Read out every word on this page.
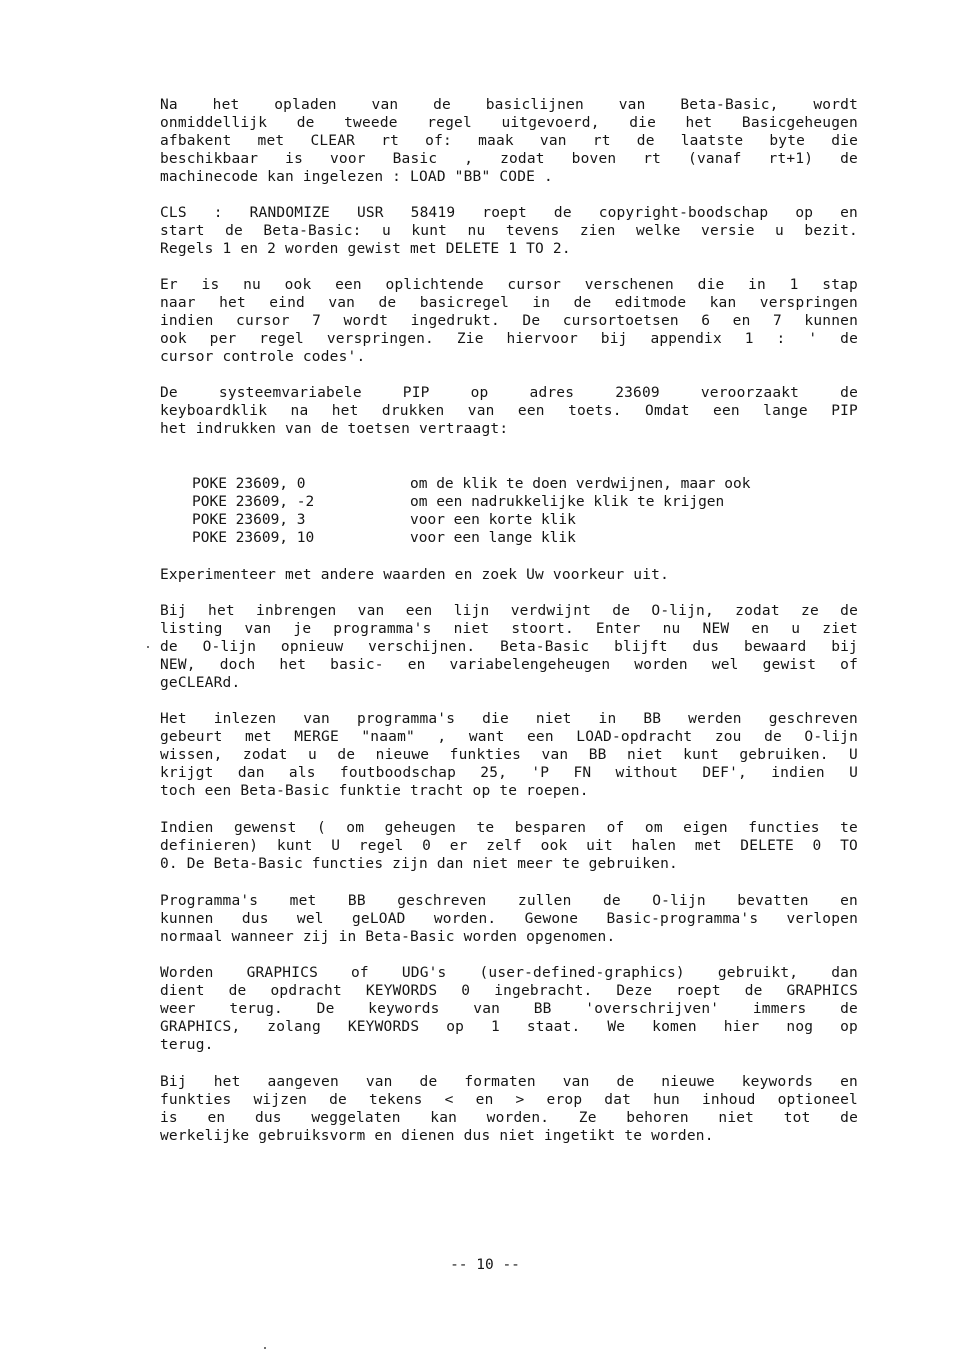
Na het opladen van de basiclijnen van Beta-Basic, wordt
onmiddellijk de tweede regel uitgevoerd, die het Basicgeheugen
afbakent met CLEAR rt of: maak van rt de laatste byte die
beschikbaar is voor Basic , zodat boven rt (vanaf rt+1) de
machinecode kan ingelezen : LOAD "BB" CODE .
CLS : RANDOMIZE USR 58419 roept de copyright-boodschap op en
start de Beta-Basic: u kunt nu tevens zien welke versie u bezit.
Regels 1 en 2 worden gewist met DELETE 1 TO 2.
Er is nu ook een oplichtende cursor verschenen die in 1 stap
naar het eind van de basicregel in de editmode kan verspringen
indien cursor 7 wordt ingedrukt. De cursortoetsen 6 en 7 kunnen
ook per regel verspringen. Zie hiervoor bij appendix 1 : ' de
cursor controle codes'.
De systeemvariabele PIP op adres 23609 veroorzaakt de
keyboardklik na het drukken van een toets. Omdat een lange PIP
het indrukken van de toetsen vertraagt:
POKE 23609, 0	om de klik te doen verdwijnen, maar ook
POKE 23609, -2	om een nadrukkelijke klik te krijgen
POKE 23609, 3	voor een korte klik
POKE 23609, 10	voor een lange klik
Experimenteer met andere waarden en zoek Uw voorkeur uit.
Bij het inbrengen van een lijn verdwijnt de O-lijn, zodat ze de
listing van je programma's niet stoort. Enter nu NEW en u ziet
de O-lijn opnieuw verschijnen. Beta-Basic blijft dus bewaard bij
NEW, doch het basic- en variabelengeheugen worden wel gewist of
geCLEARd.
Het inlezen van programma's die niet in BB werden geschreven
gebeurt met MERGE "naam" , want een LOAD-opdracht zou de O-lijn
wissen, zodat u de nieuwe funkties van BB niet kunt gebruiken. U
krijgt dan als foutboodschap 25, 'P FN without DEF', indien U
toch een Beta-Basic funktie tracht op te roepen.
Indien gewenst ( om geheugen te besparen of om eigen functies te
definieren) kunt U regel 0 er zelf ook uit halen met DELETE 0 TO
0. De Beta-Basic functies zijn dan niet meer te gebruiken.
Programma's met BB geschreven zullen de O-lijn bevatten en
kunnen dus wel geLOAD worden. Gewone Basic-programma's verlopen
normaal wanneer zij in Beta-Basic worden opgenomen.
Worden GRAPHICS of UDG's (user-defined-graphics) gebruikt, dan
dient de opdracht KEYWORDS 0 ingebracht. Deze roept de GRAPHICS
weer terug. De keywords van BB 'overschrijven' immers de
GRAPHICS, zolang KEYWORDS op 1 staat. We komen hier nog op
terug.
Bij het aangeven van de formaten van de nieuwe keywords en
funkties wijzen de tekens < en > erop dat hun inhoud optioneel
is en dus weggelaten kan worden. Ze behoren niet tot de
werkelijke gebruiksvorm en dienen dus niet ingetikt te worden.
-- 10 --
